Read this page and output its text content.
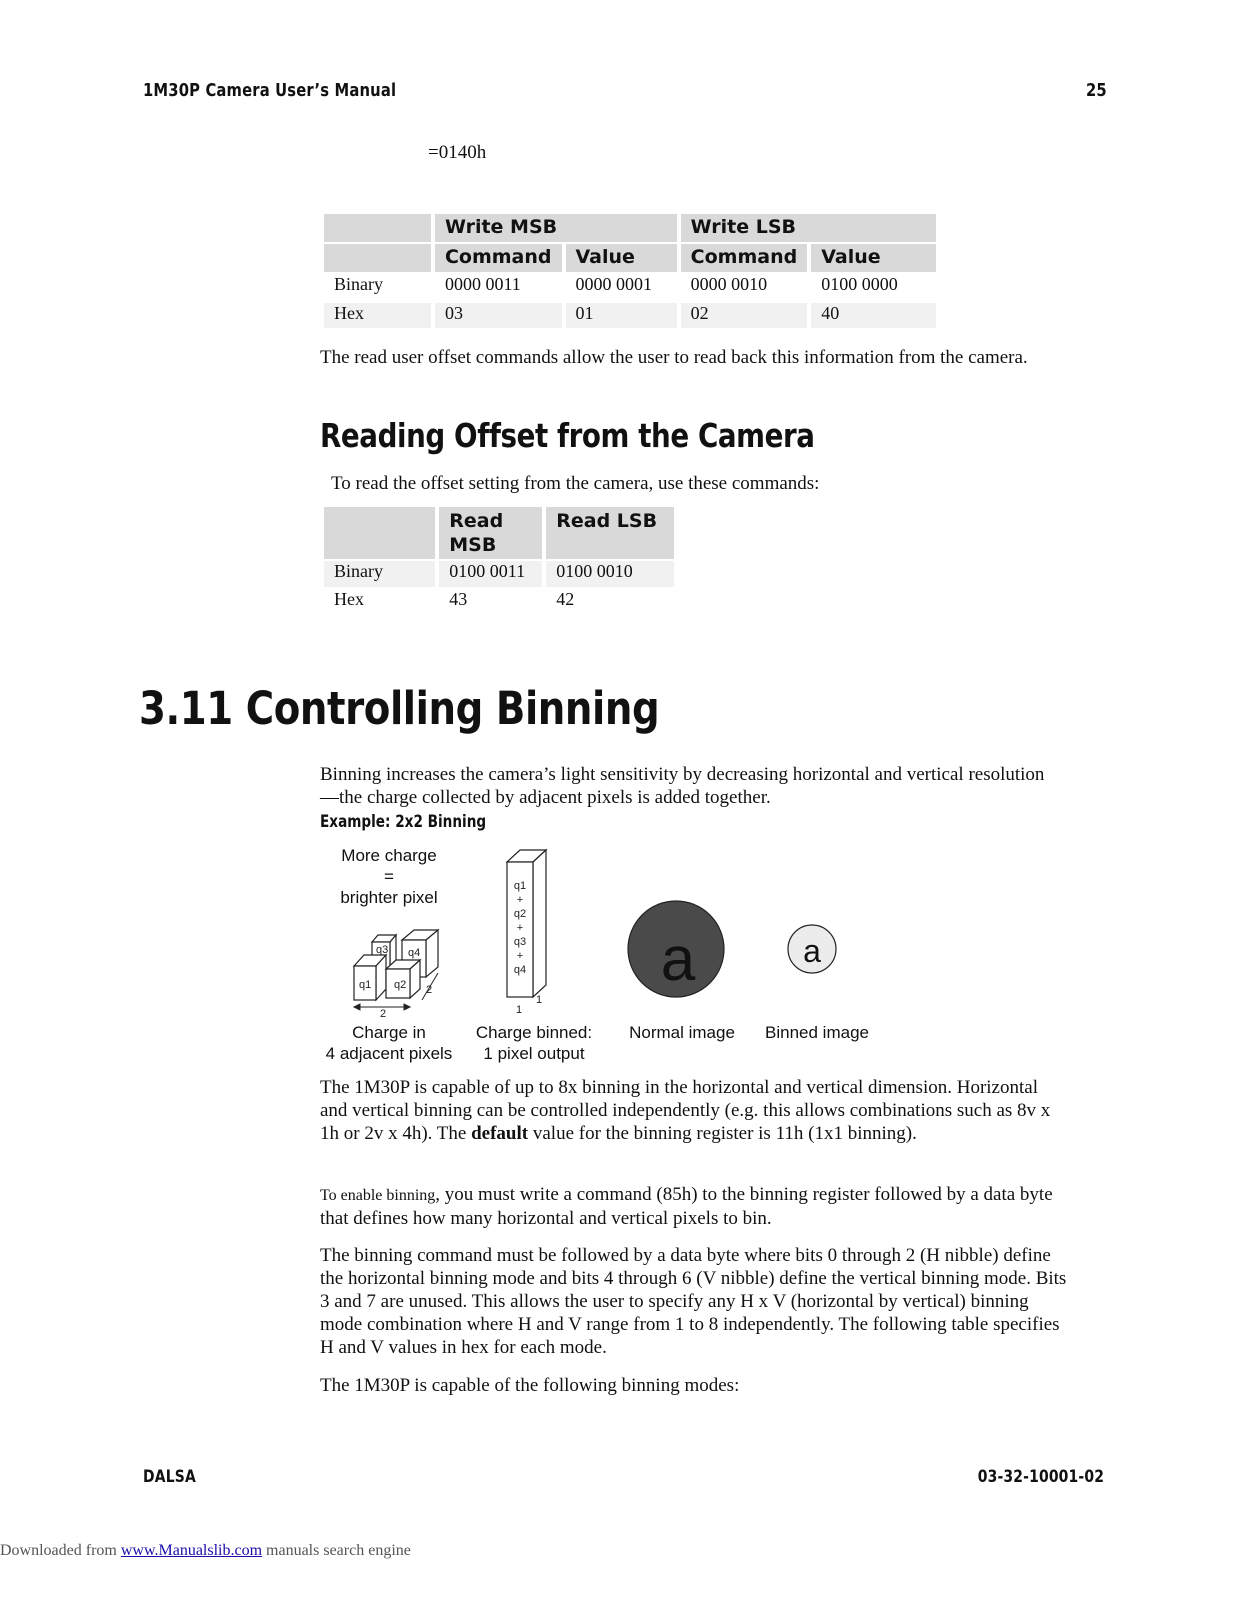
1M30P Camera User’s Manual	25
=0140h
	Write MSB		Write LSB	
	Command	Value	Command	Value
Binary	0000 0011	0000 0001	0000 0010	0100 0000
Hex	03	01	02	40
The read user offset commands allow the user to read back this information from the camera.
Reading Offset from the Camera
To read the offset setting from the camera, use these commands:
	Read MSB	Read LSB
Binary	0100 0011	0100 0010
Hex	43	42
3.11 Controlling Binning
Binning increases the camera’s light sensitivity by decreasing horizontal and vertical resolution—the charge collected by adjacent pixels is added together.
Example: 2x2 Binning
More charge
=
brighter pixel
q1 q2
q3 q4
2
2
q1
+
q2
+
q3
+
q4
1
1
a	a
Charge in
4 adjacent pixels
Charge binned:
1 pixel output
Normal image	Binned image
The 1M30P is capable of up to 8x binning in the horizontal and vertical dimension. Horizontal and vertical binning can be controlled independently (e.g. this allows combinations such as 8v x 1h or 2v x 4h). The default value for the binning register is 11h (1x1 binning).
To enable binning, you must write a command (85h) to the binning register followed by a data byte that defines how many horizontal and vertical pixels to bin.
The binning command must be followed by a data byte where bits 0 through 2 (H nibble) define the horizontal binning mode and bits 4 through 6 (V nibble) define the vertical binning mode. Bits 3 and 7 are unused. This allows the user to specify any H x V (horizontal by vertical) binning mode combination where H and V range from 1 to 8 independently. The following table specifies H and V values in hex for each mode.
The 1M30P is capable of the following binning modes:
DALSA	03-32-10001-02
Downloaded from www.Manualslib.com manuals search engine
